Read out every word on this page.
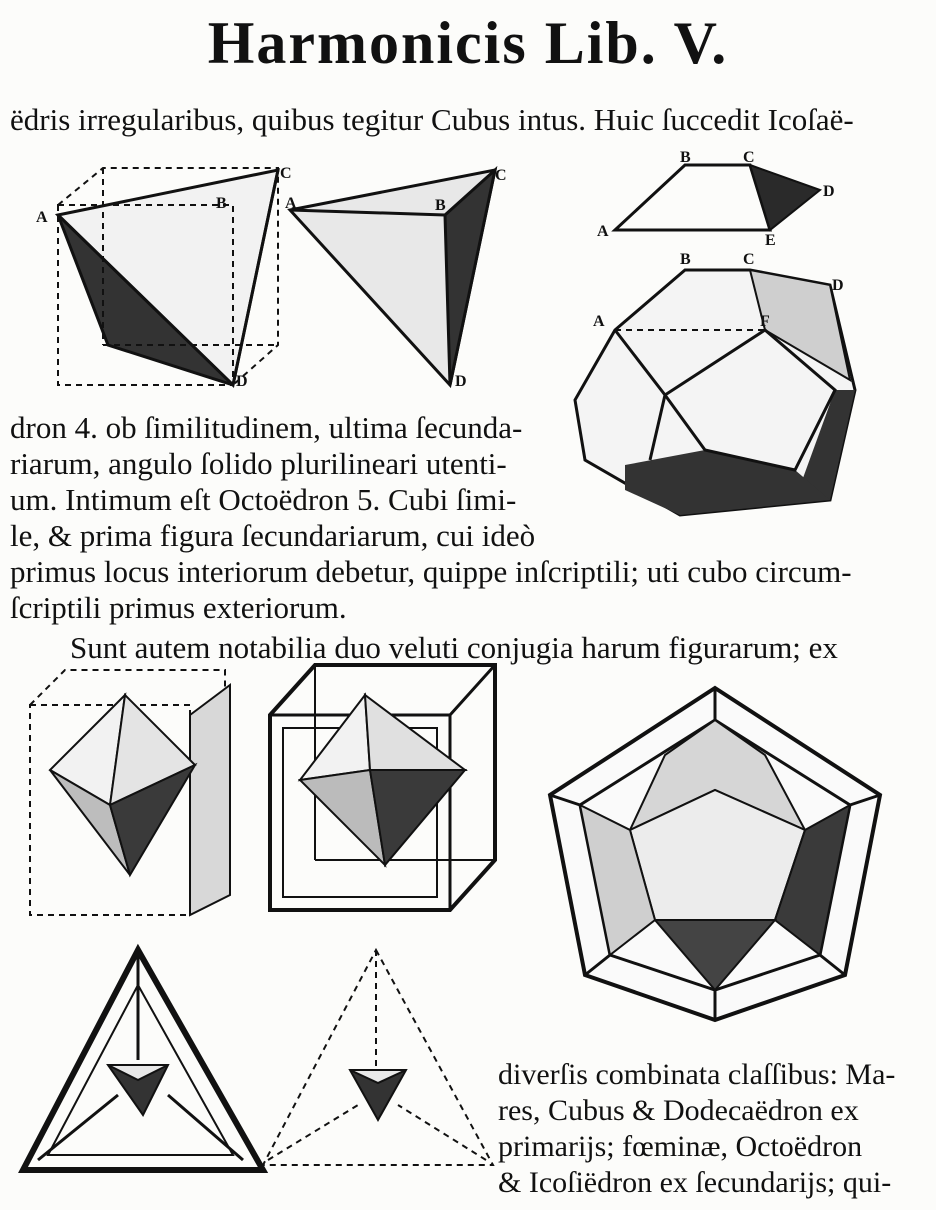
Harmonicis Lib. V.
ëdris irregularibus, quibus tegitur Cubus intus. Huic ſuccedit Icoſaë-
A
B
C
D
A	B
C
D
A
B	C
D
E
A
B	C
D
F
dron 4. ob ſimilitudinem, ultima ſecunda-
riarum, angulo ſolido plurilineari utenti-
um. Intimum eſt Octoëdron 5. Cubi ſimi-
le, & prima figura ſecundariarum, cui ideò
primus locus interiorum debetur, quippe inſcriptili; uti cubo circum-
ſcriptili primus exteriorum.
Sunt autem notabilia duo veluti conjugia harum figurarum; ex
diverſis combinata claſſibus: Ma-
res, Cubus & Dodecaëdron ex
primarijs; fœminæ, Octoëdron
& Icoſiëdron ex ſecundarijs; qui-
